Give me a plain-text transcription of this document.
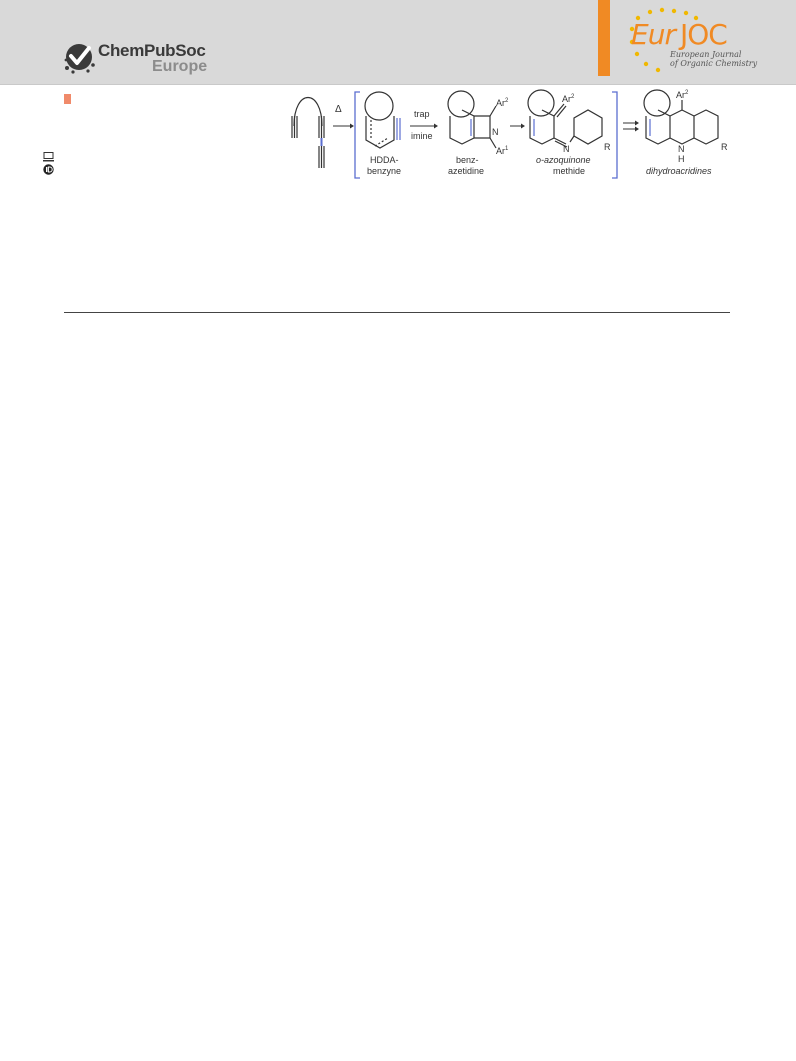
ChemPubSoc
Europe
Eur JOC
European Journal
of Organic Chemistry
Δ
HDDA-
benzyne
trap
imine
Ar$^2$
N
Ar$^1$
benz-
azetidine
Ar$^2$
N	R
o-azoquinone
methide
Ar$^2$
N
H
R
dihydroacridines
